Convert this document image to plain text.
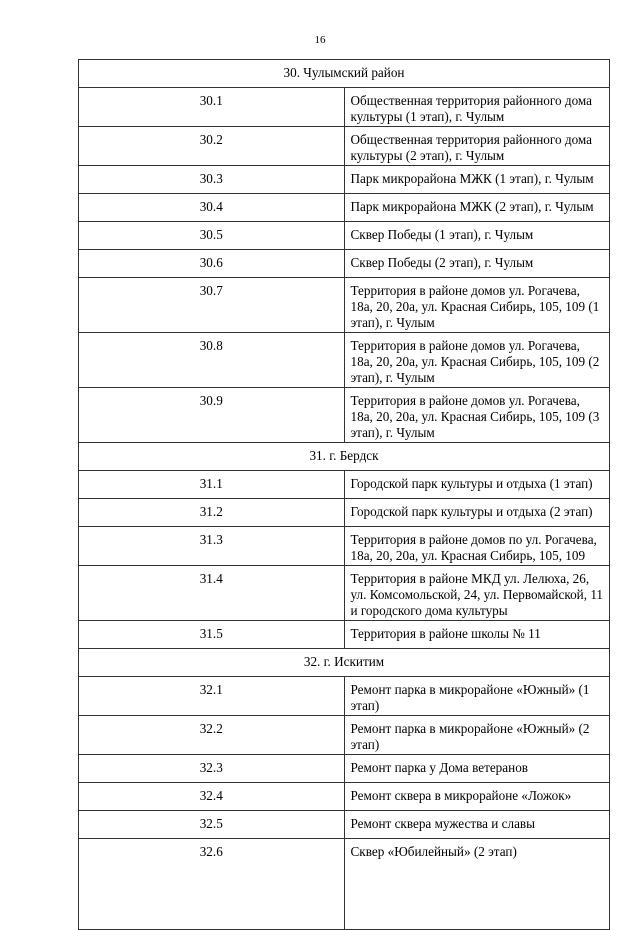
16
30. Чулымский район	
30.1	Общественная территория районного дома культуры (1 этап), г. Чулым
30.2	Общественная территория районного дома культуры (2 этап), г. Чулым
30.3	Парк микрорайона МЖК (1 этап), г. Чулым
30.4	Парк микрорайона МЖК (2 этап), г. Чулым
30.5	Сквер Победы (1 этап), г. Чулым
30.6	Сквер Победы (2 этап), г. Чулым
30.7	Территория в районе домов ул. Рогачева, 18а, 20, 20а, ул. Красная Сибирь, 105, 109 (1 этап), г. Чулым
30.8	Территория в районе домов ул. Рогачева, 18а, 20, 20а, ул. Красная Сибирь, 105, 109 (2 этап), г. Чулым
30.9	Территория в районе домов ул. Рогачева, 18а, 20, 20а, ул. Красная Сибирь, 105, 109 (3 этап), г. Чулым
31. г. Бердск	
31.1	Городской парк культуры и отдыха (1 этап)
31.2	Городской парк культуры и отдыха (2 этап)
31.3	Территория в районе домов по ул. Рогачева, 18а, 20, 20а, ул. Красная Сибирь, 105, 109
31.4	Территория в районе МКД ул. Лелюха, 26, ул. Комсомольской, 24, ул. Первомайской, 11 и городского дома культуры
31.5	Территория в районе школы № 11
32. г. Искитим	
32.1	Ремонт парка в микрорайоне «Южный» (1 этап)
32.2	Ремонт парка в микрорайоне «Южный» (2 этап)
32.3	Ремонт парка у Дома ветеранов
32.4	Ремонт сквера в микрорайоне «Ложок»
32.5	Ремонт сквера мужества и славы
32.6	Сквер «Юбилейный» (2 этап)
